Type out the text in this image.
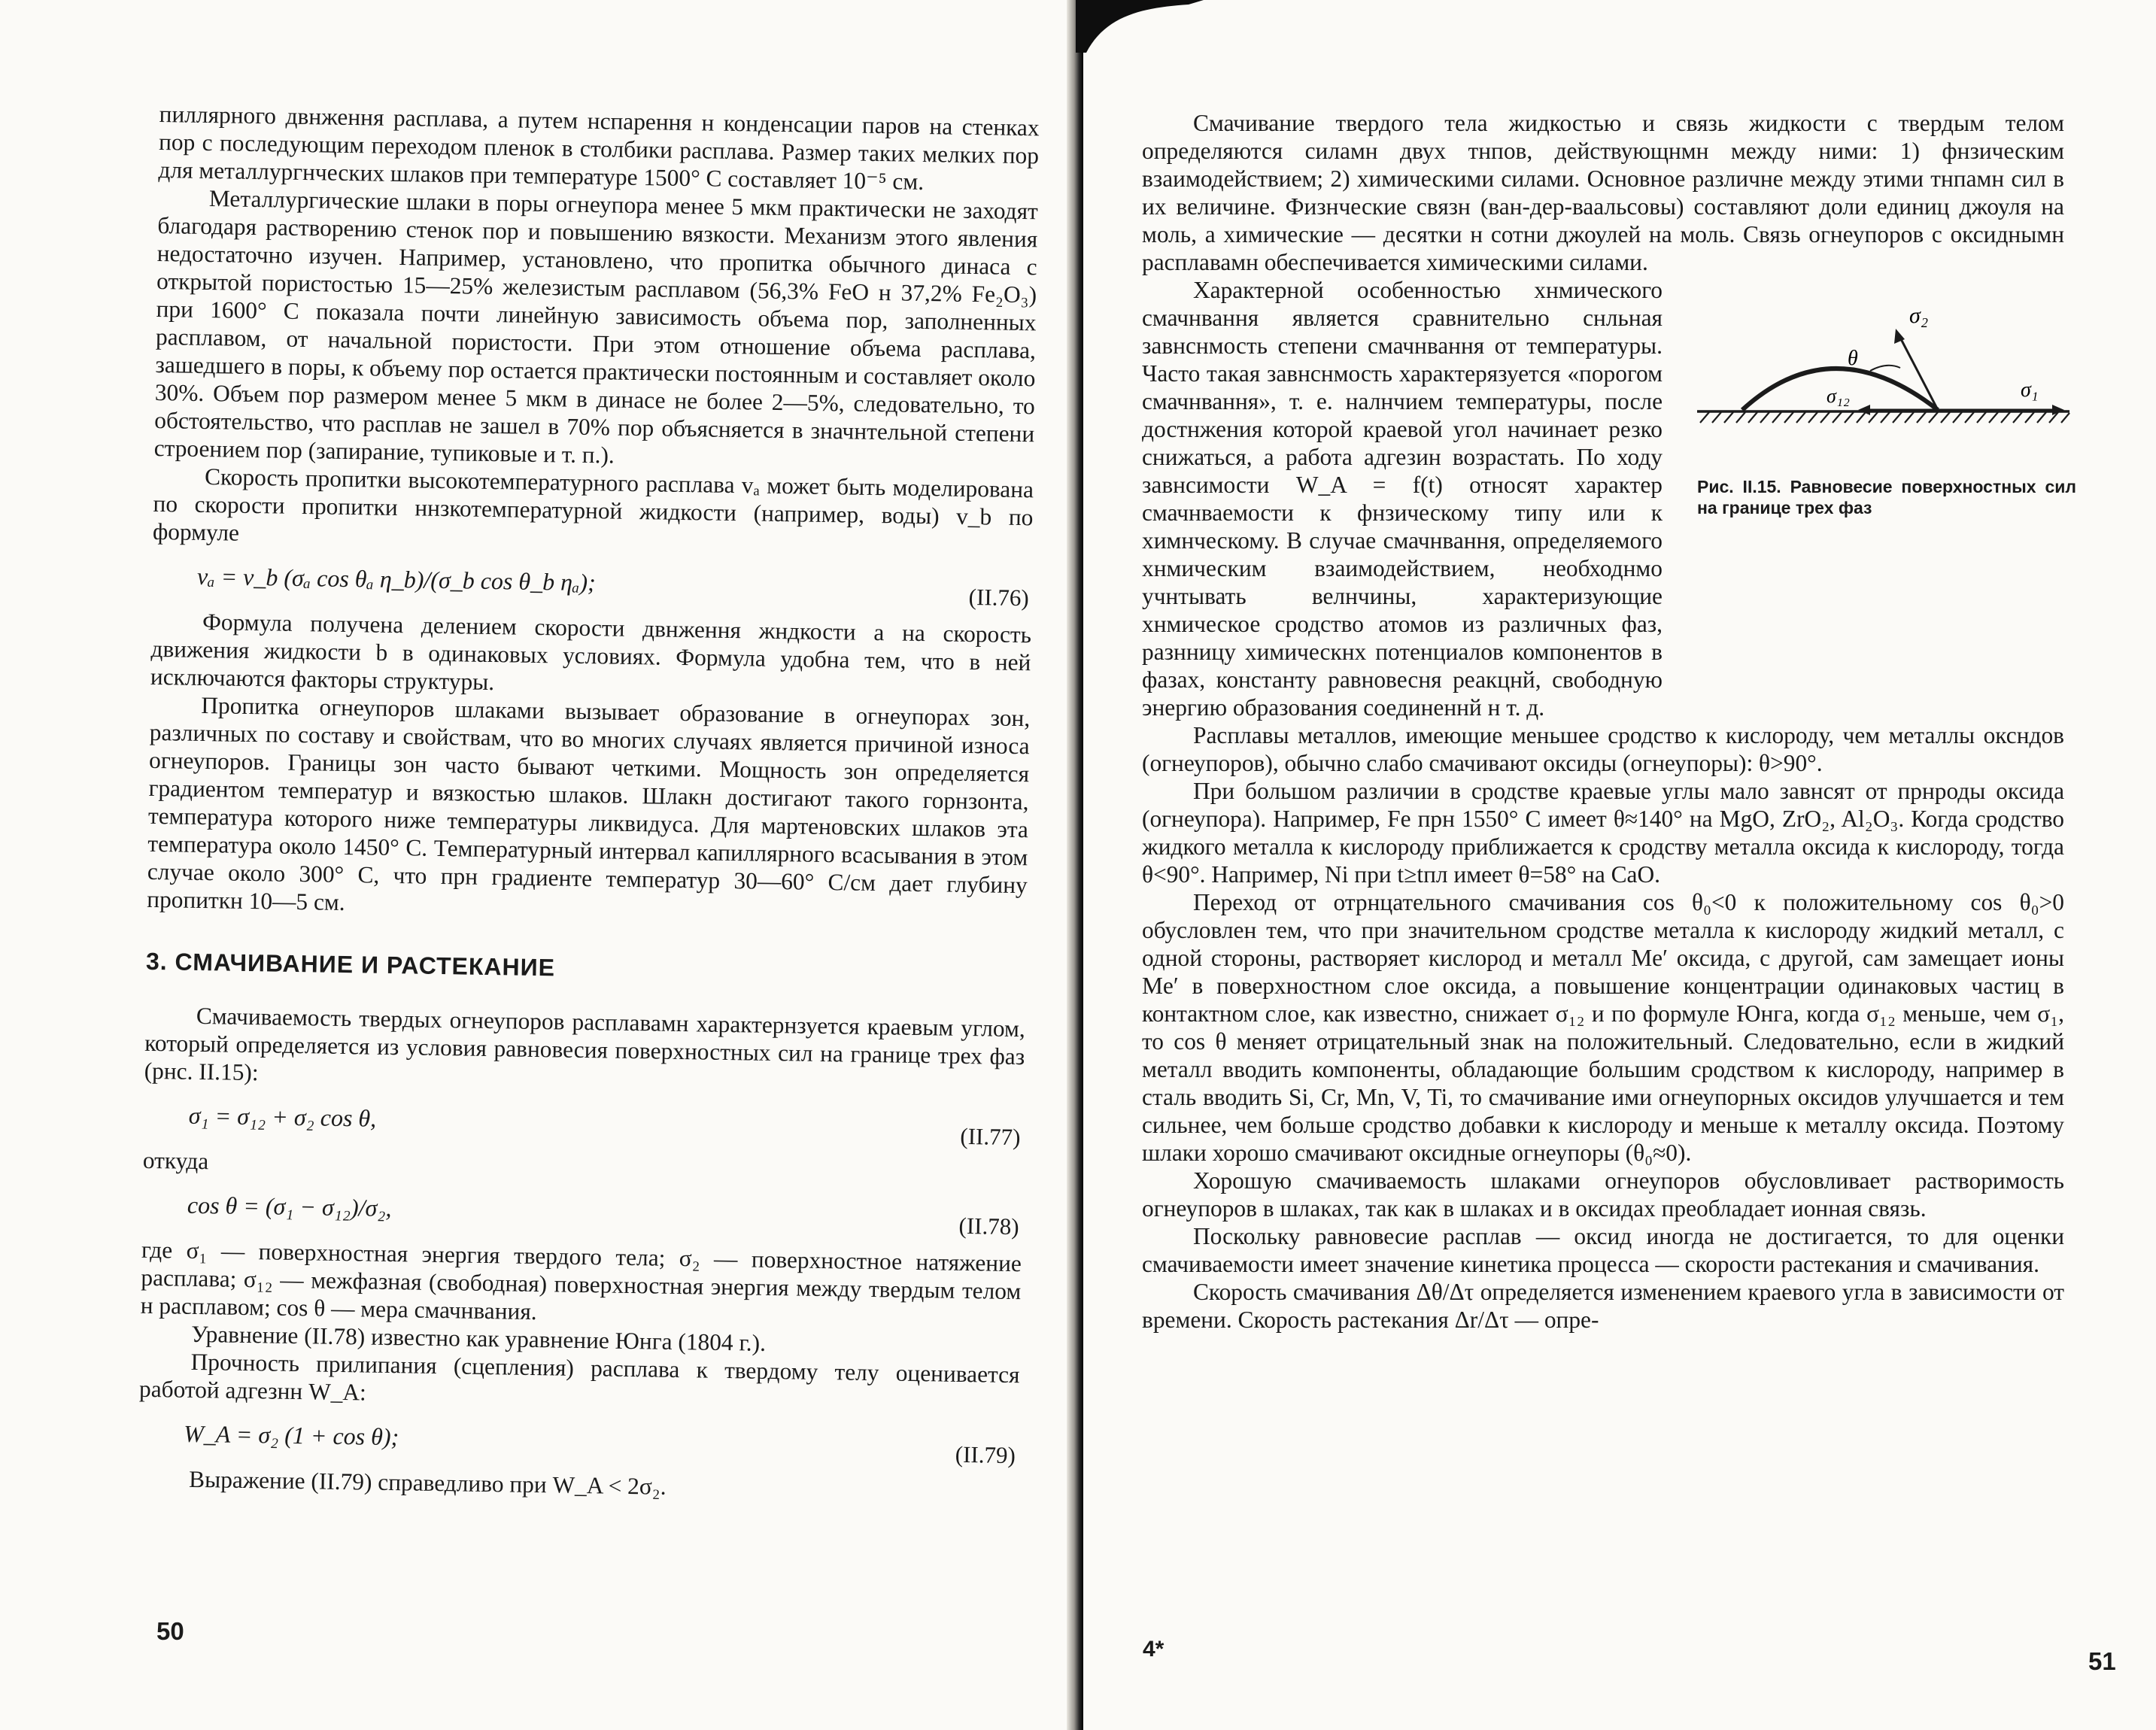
пиллярного двнження расплава, а путем нспарення н конденсации паров на стенках пор с последующим переходом пленок в столбики расплава. Размер таких мелких пор для металлургнческих шлаков при температуре 1500° С составляет 10⁻⁵ см.

Металлургические шлаки в поры огнеупора менее 5 мкм практически не заходят благодаря растворению стенок пор и повышению вязкости. Механизм этого явления недостаточно изучен. Например, установлено, что пропитка обычного динаса с открытой пористостью 15—25% железистым расплавом (56,3% FeO н 37,2% Fe₂O₃) при 1600° С показала почти линейную зависимость объема пор, заполненных расплавом, от начальной пористости. При этом отношение объема расплава, зашедшего в поры, к объему пор остается практически постоянным и составляет около 30%. Объем пор размером менее 5 мкм в динасе не более 2—5%, следовательно, то обстоятельство, что расплав не зашел в 70% пор объясняется в значнтельной степени строением пор (запирание, тупиковые и т. п.).

Скорость пропитки высокотемпературного расплава vₐ может быть моделирована по скорости пропитки ннзкотемпературной жидкости (например, воды) v_b по формуле

vₐ = v_b (σₐ cos θₐ η_b)/(σ_b cos θ_b ηₐ);
(II.76)

Формула получена делением скорости двнження жндкости a на скорость движения жидкости b в одинаковых условиях. Формула удобна тем, что в ней исключаются факторы структуры.

Пропитка огнеупоров шлаками вызывает образование в огнеупорах зон, различных по составу и свойствам, что во многих случаях является причиной износа огнеупоров. Границы зон часто бывают четкими. Мощность зон определяется градиентом температур и вязкостью шлаков. Шлакн достигают такого горнзонта, температура которого ниже температуры ликвидуса. Для мартеновских шлаков эта температура около 1450° С. Температурный интервал капиллярного всасывания в этом случае около 300° С, что прн градиенте температур 30—60° С/см дает глубину пропиткн 10—5 см.

3. СМАЧИВАНИЕ И РАСТЕКАНИЕ

Смачиваемость твердых огнеупоров расплавамн характернзуется краевым углом, который определяется из условия равновесия поверхностных сил на границе трех фаз (рнс. II.15):

σ₁ = σ₁₂ + σ₂ cos θ,
(II.77)

откуда

cos θ = (σ₁ − σ₁₂)/σ₂,
(II.78)

где σ₁ — поверхностная энергия твердого тела; σ₂ — поверхностное натяжение расплава; σ₁₂ — межфазная (свободная) поверхностная энергия между твердым телом н расплавом; cos θ — мера смачнвания.

Уравнение (II.78) известно как уравнение Юнга (1804 г.).

Прочность прилипания (сцепления) расплава к твердому телу оценивается работой адгезнн W_A:

W_A = σ₂ (1 + cos θ);
(II.79)

Выражение (II.79) справедливо при W_A < 2σ₂.

50

Смачивание твердого тела жидкостью и связь жидкости с твердым телом определяются силамн двух тнпов, действующнмн между ними: 1) фнзическим взаимодействием; 2) химическими силами. Основное различне между этими тнпамн сил в их величине. Физнческие связн (ван-дер-ваальсовы) составляют доли единиц джоуля на моль, а химические — десятки н сотни джоулей на моль. Связь огнеупоров с оксиднымн расплавамн обеспечивается химическими силами.

σ₂
θ
σ₁₂	σ₁
Рис. II.15. Равновесие поверхностных сил на границе трех фаз

Характерной особенностью хнмического смачнвання является сравнительно снльная завнснмость степени смачнвання от температуры. Часто такая завнснмость характерязуется «порогом смачнвання», т. е. налнчием температуры, после достнжения которой краевой угол начинает резко снижаться, а работа адгезин возрастать. По ходу завнсимости W_A = f(t) относят характер смачнваемости к фнзическому типу или к химнческому. В случае смачнвання, определяемого хнмическим взаимодействием, необходнмо учнтывать велнчины, характеризующие хнмическое сродство атомов из различных фаз, разнницу химическнх потенциалов компонентов в фазах, константу равновесня реакцнй, свободную энергию образования соединеннй н т. д.

Расплавы металлов, имеющие меньшее сродство к кислороду, чем металлы оксндов (огнеупоров), обычно слабо смачивают оксиды (огнеупоры): θ>90°.

При большом различии в сродстве краевые углы мало завнсят от прнроды оксида (огнеупора). Например, Fe прн 1550° С имеет θ≈140° на MgO, ZrO₂, Al₂O₃. Когда сродство жидкого металла к кислороду приближается к сродству металла оксида к кислороду, тогда θ<90°. Например, Ni при t≥tпл имеет θ=58° на CaO.

Переход от отрнцательного смачивания cos θ₀<0 к положительному cos θ₀>0 обусловлен тем, что при значительном сродстве металла к кислороду жидкий металл, с одной стороны, растворяет кислород и металл Me′ оксида, с другой, сам замещает ионы Me′ в поверхностном слое оксида, а повышение концентрации одинаковых частиц в контактном слое, как известно, снижает σ₁₂ и по формуле Юнга, когда σ₁₂ меньше, чем σ₁, то cos θ меняет отрицательный знак на положительный. Следовательно, если в жидкий металл вводить компоненты, обладающие большим сродством к кислороду, например в сталь вводить Si, Cr, Mn, V, Ti, то смачивание ими огнеупорных оксидов улучшается и тем сильнее, чем больше сродство добавки к кислороду и меньше к металлу оксида. Поэтому шлаки хорошо смачивают оксидные огнеупоры (θ₀≈0).

Хорошую смачиваемость шлаками огнеупоров обусловливает растворимость огнеупоров в шлаках, так как в шлаках и в оксидах преобладает ионная связь.

Поскольку равновесие расплав — оксид иногда не достигается, то для оценки смачиваемости имеет значение кинетика процесса — скорости растекания и смачивания.

Скорость смачивания Δθ/Δτ определяется изменением краевого угла в зависимости от времени. Скорость растекания Δr/Δτ — опре-

4*	51
